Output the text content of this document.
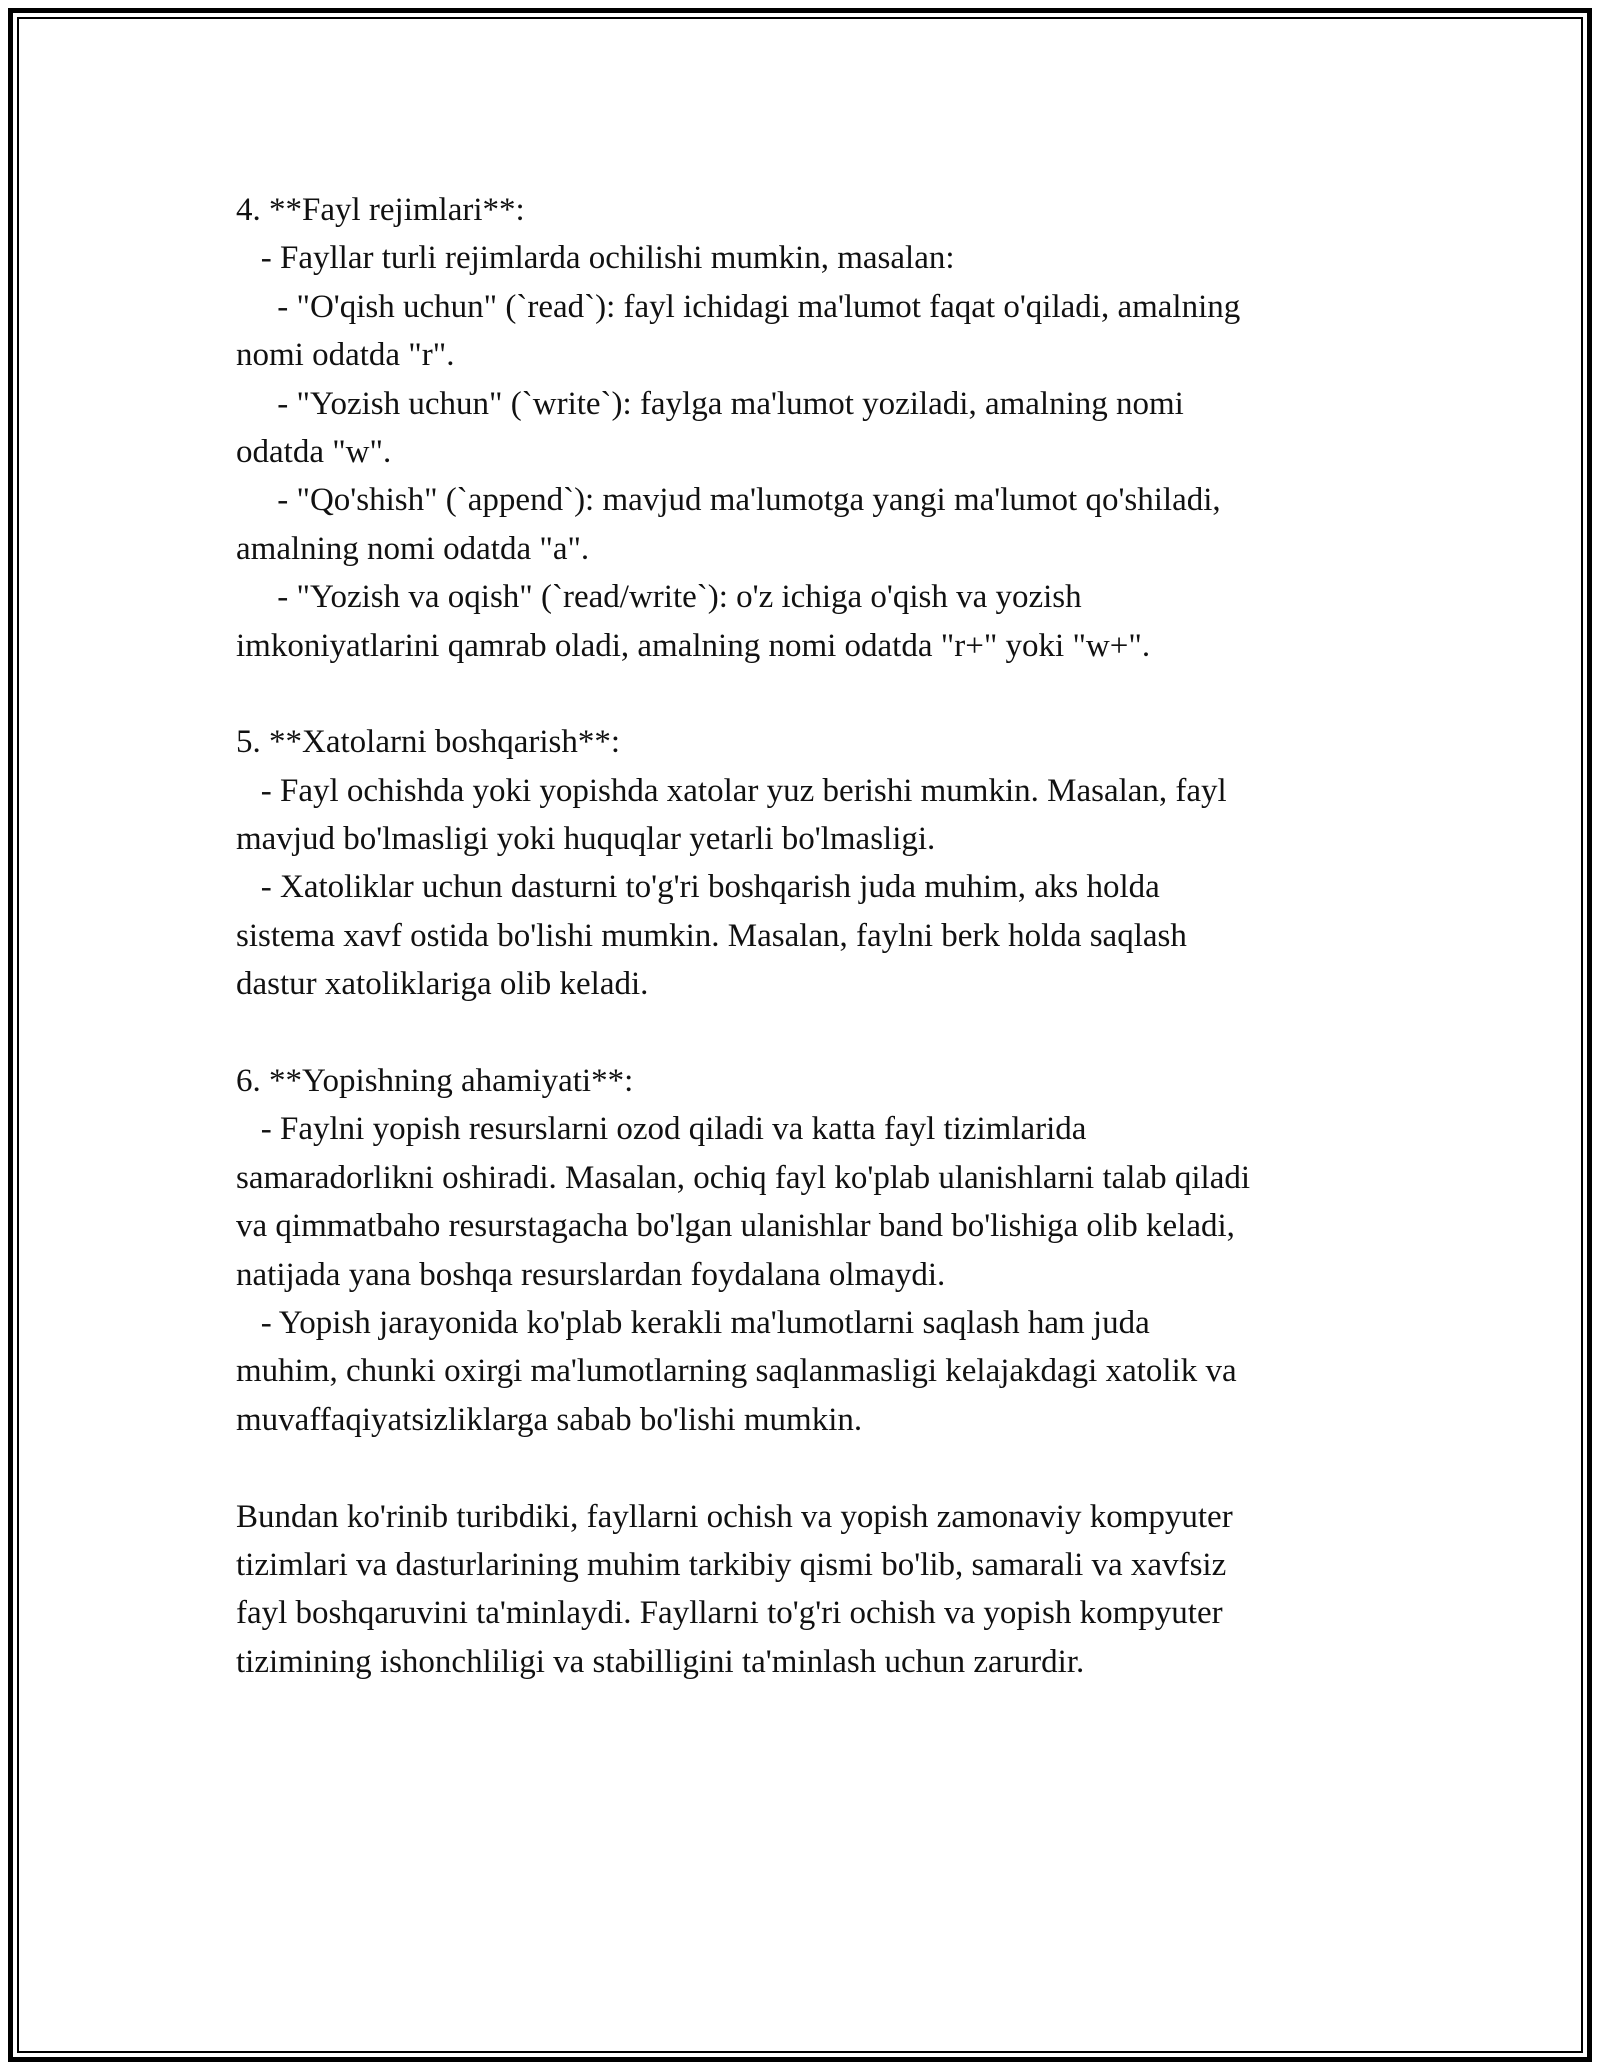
4. **Fayl rejimlari**:
- Fayllar turli rejimlarda ochilishi mumkin, masalan:
- "O'qish uchun" (`read`): fayl ichidagi ma'lumot faqat o'qiladi, amalning
nomi odatda "r".
- "Yozish uchun" (`write`): faylga ma'lumot yoziladi, amalning nomi
odatda "w".
- "Qo'shish" (`append`): mavjud ma'lumotga yangi ma'lumot qo'shiladi,
amalning nomi odatda "a".
- "Yozish va oqish" (`read/write`): o'z ichiga o'qish va yozish
imkoniyatlarini qamrab oladi, amalning nomi odatda "r+" yoki "w+".
5. **Xatolarni boshqarish**:
- Fayl ochishda yoki yopishda xatolar yuz berishi mumkin. Masalan, fayl
mavjud bo'lmasligi yoki huquqlar yetarli bo'lmasligi.
- Xatoliklar uchun dasturni to'g'ri boshqarish juda muhim, aks holda
sistema xavf ostida bo'lishi mumkin. Masalan, faylni berk holda saqlash
dastur xatoliklariga olib keladi.
6. **Yopishning ahamiyati**:
- Faylni yopish resurslarni ozod qiladi va katta fayl tizimlarida
samaradorlikni oshiradi. Masalan, ochiq fayl ko'plab ulanishlarni talab qiladi
va qimmatbaho resurstagacha bo'lgan ulanishlar band bo'lishiga olib keladi,
natijada yana boshqa resurslardan foydalana olmaydi.
- Yopish jarayonida ko'plab kerakli ma'lumotlarni saqlash ham juda
muhim, chunki oxirgi ma'lumotlarning saqlanmasligi kelajakdagi xatolik va
muvaffaqiyatsizliklarga sabab bo'lishi mumkin.
Bundan ko'rinib turibdiki, fayllarni ochish va yopish zamonaviy kompyuter
tizimlari va dasturlarining muhim tarkibiy qismi bo'lib, samarali va xavfsiz
fayl boshqaruvini ta'minlaydi. Fayllarni to'g'ri ochish va yopish kompyuter
tizimining ishonchliligi va stabilligini ta'minlash uchun zarurdir.
